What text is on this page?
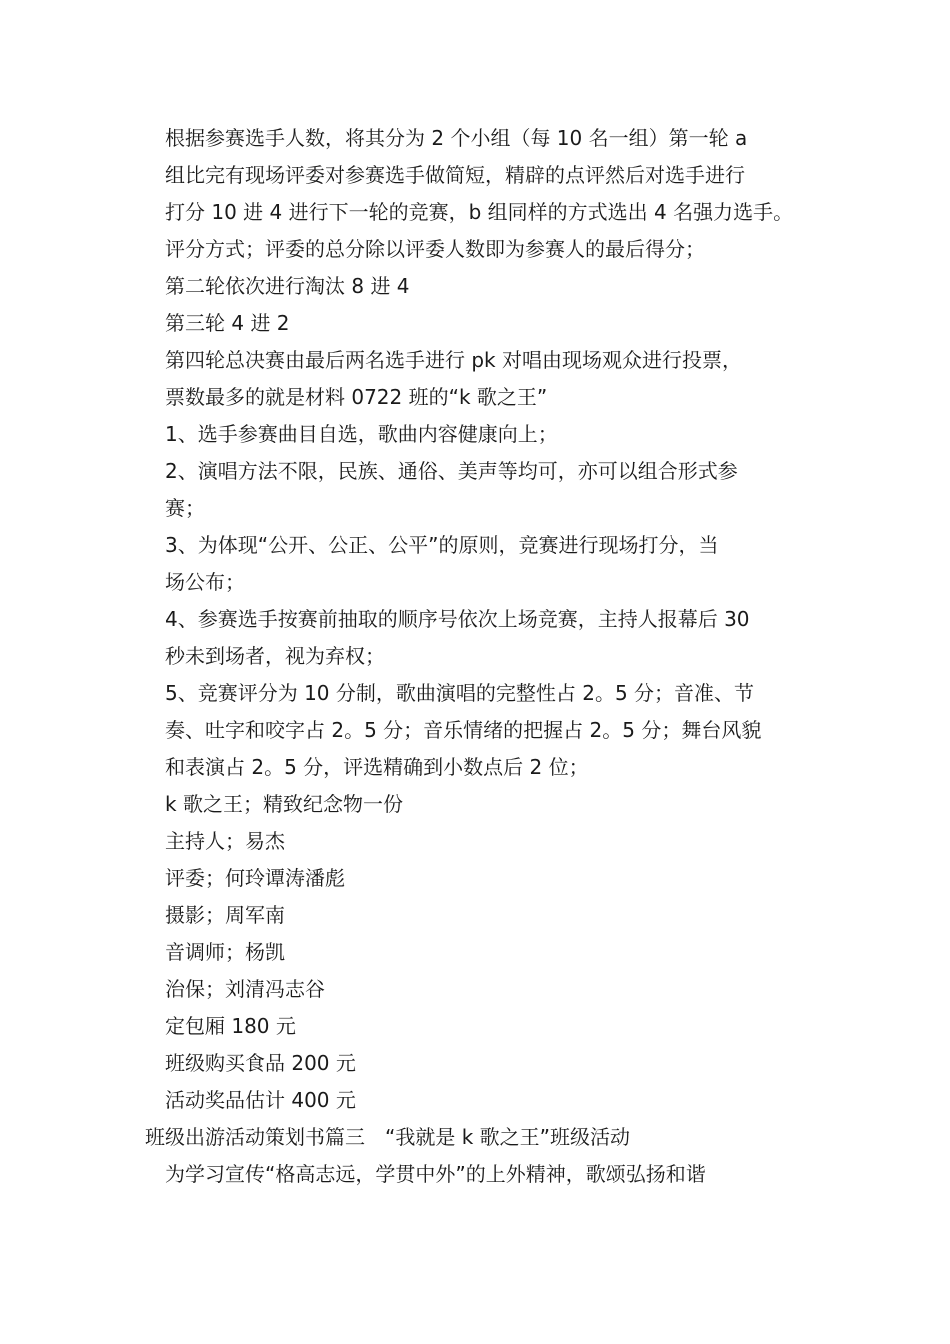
根据参赛选手人数，将其分为 2 个小组（每 10 名一组）第一轮 a
组比完有现场评委对参赛选手做简短，精辟的点评然后对选手进行
打分 10 进 4 进行下一轮的竞赛，b 组同样的方式选出 4 名强力选手。
评分方式；评委的总分除以评委人数即为参赛人的最后得分；

第二轮依次进行淘汰 8 进 4

第三轮 4 进 2

第四轮总决赛由最后两名选手进行 pk 对唱由现场观众进行投票，
票数最多的就是材料 0722 班的“k 歌之王”

1、选手参赛曲目自选，歌曲内容健康向上；

2、演唱方法不限，民族、通俗、美声等均可，亦可以组合形式参
赛；

3、为体现“公开、公正、公平”的原则，竞赛进行现场打分，当
场公布；

4、参赛选手按赛前抽取的顺序号依次上场竞赛，主持人报幕后 30
秒未到场者，视为弃权；

5、竞赛评分为 10 分制，歌曲演唱的完整性占 2。5 分；音准、节
奏、吐字和咬字占 2。5 分；音乐情绪的把握占 2。5 分；舞台风貌
和表演占 2。5 分，评选精确到小数点后 2 位；

k 歌之王；精致纪念物一份

主持人；易杰

评委；何玲谭涛潘彪

摄影；周军南

音调师；杨凯

治保；刘清冯志谷

定包厢 180 元

班级购买食品 200 元

活动奖品估计 400 元

班级出游活动策划书篇三　“我就是 k 歌之王”班级活动

为学习宣传“格高志远，学贯中外”的上外精神，歌颂弘扬和谐
